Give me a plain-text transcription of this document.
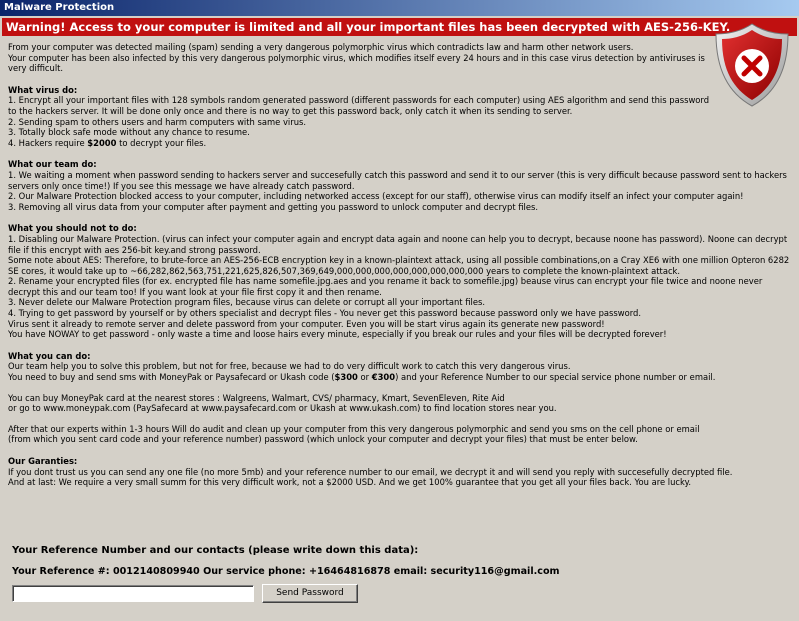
Malware Protection
Warning! Access to your computer is limited and all your important files has been decrypted with AES-256-KEY.

From your computer was detected mailing (spam) sending a very dangerous polymorphic virus which contradicts law and harm other network users.

Your computer has been also infected by this very dangerous polymorphic virus, which modifies itself every 24 hours and in this case virus detection by antiviruses is very difficult.

What virus do:

1. Encrypt all your important files with 128 symbols random generated password (different passwords for each computer) using AES algorithm and send this password to the hackers server. It will be done only once and there is no way to get this password back, only catch it when its sending to server.

2. Sending spam to others users and harm computers with same virus.

3. Totally block safe mode without any chance to resume.

4. Hackers require $2000 to decrypt your files.

What our team do:

1. We waiting a moment when password sending to hackers server and succesefully catch this password and send it to our server (this is very difficult because password sent to hackers servers only once time!) If you see this message we have already catch password.

2. Our Malware Protection blocked access to your computer, including networked access (except for our staff), otherwise virus can modify itself an infect your computer again!

3. Removing all virus data from your computer after payment and getting you password to unlock computer and decrypt files.

What you should not to do:

1. Disabling our Malware Protection. (virus can infect your computer again and encrypt data again and noone can help you to decrypt, because noone has password). Noone can decrypt file if this encrypt with aes 256-bit key.and strong password.

Some note about AES: Therefore, to brute-force an AES-256-ECB encryption key in a known-plaintext attack, using all possible combinations,on a Cray XE6 with one million Opteron 6282 SE cores, it would take up to ~66,282,862,563,751,221,625,826,507,369,649,000,000,000,000,000,000,000,000 years to complete the known-plaintext attack.

2. Rename your encrypted files (for ex. encrypted file has name somefile.jpg.aes and you rename it back to somefile.jpg) beause virus can encrypt your file twice and noone never decrypt this and our team too! If you want look at your file first copy it and then rename.

3. Never delete our Malware Protection program files, because virus can delete or corrupt all your important files.

4. Trying to get password by yourself or by others specialist and decrypt files - You never get this password because password only we have password.

Virus sent it already to remote server and delete password from your computer. Even you will be start virus again its generate new password!

You have NOWAY to get password - only waste a time and loose hairs every minute, especially if you break our rules and your files will be decrypted forever!

What you can do:

Our team help you to solve this problem, but not for free, because we had to do very difficult work to catch this very dangerous virus.

You need to buy and send sms with MoneyPak or Paysafecard or Ukash code ($300 or €300) and your Reference Number to our special service phone number or email.

You can buy MoneyPak card at the nearest stores : Walgreens, Walmart, CVS/ pharmacy, Kmart, SevenEleven, Rite Aid

or go to www.moneypak.com (PaySafecard at www.paysafecard.com or Ukash at www.ukash.com) to find location stores near you.

After that our experts within 1-3 hours Will do audit and clean up your computer from this very dangerous polymorphic and send you sms on the cell phone or email

(from which you sent card code and your reference number) password (which unlock your computer and decrypt your files) that must be enter below.

Our Garanties:

If you dont trust us you can send any one file (no more 5mb) and your reference number to our email, we decrypt it and will send you reply with succesefully decrypted file.

And at last: We require a very small summ for this very difficult work, not a $2000 USD. And we get 100% guarantee that you get all your files back. You are lucky.

Your Reference Number and our contacts (please write down this data):
Your Reference #: 0012140809940 Our service phone: +16464816878 email: security116@gmail.com
Send Password
